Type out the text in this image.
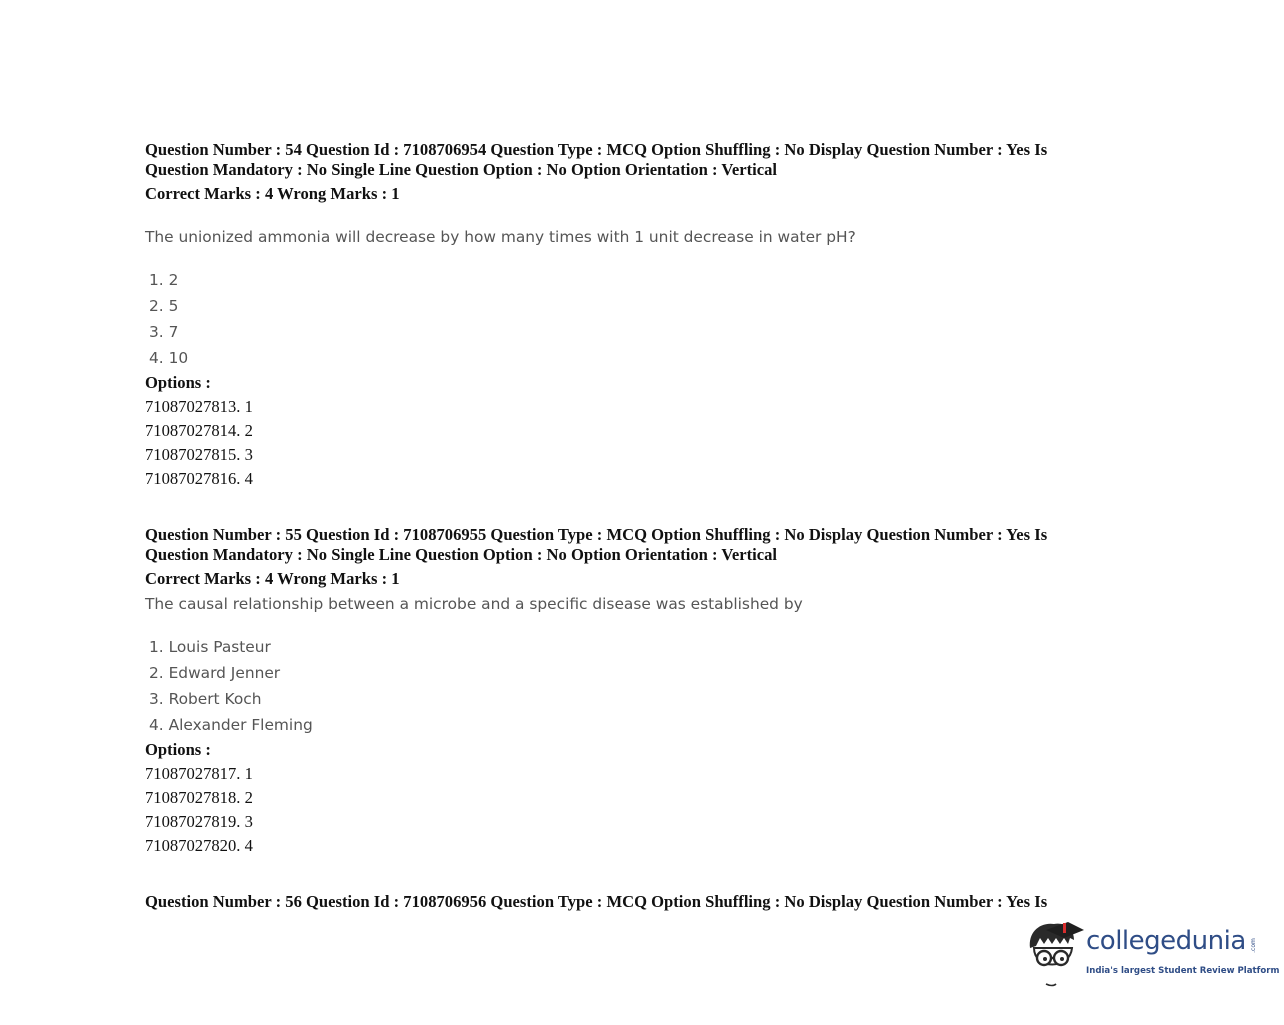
Question Number : 54 Question Id : 7108706954 Question Type : MCQ Option Shuffling : No Display Question Number : Yes Is
Question Mandatory : No Single Line Question Option : No Option Orientation : Vertical
Correct Marks : 4 Wrong Marks : 1
The unionized ammonia will decrease by how many times with 1 unit decrease in water pH?
1. 2
2. 5
3. 7
4. 10
Options :
71087027813. 1
71087027814. 2
71087027815. 3
71087027816. 4
Question Number : 55 Question Id : 7108706955 Question Type : MCQ Option Shuffling : No Display Question Number : Yes Is
Question Mandatory : No Single Line Question Option : No Option Orientation : Vertical
Correct Marks : 4 Wrong Marks : 1
The causal relationship between a microbe and a specific disease was established by
1. Louis Pasteur
2. Edward Jenner
3. Robert Koch
4. Alexander Fleming
Options :
71087027817. 1
71087027818. 2
71087027819. 3
71087027820. 4
Question Number : 56 Question Id : 7108706956 Question Type : MCQ Option Shuffling : No Display Question Number : Yes Is
collegedunia .com
India's largest Student Review Platform
